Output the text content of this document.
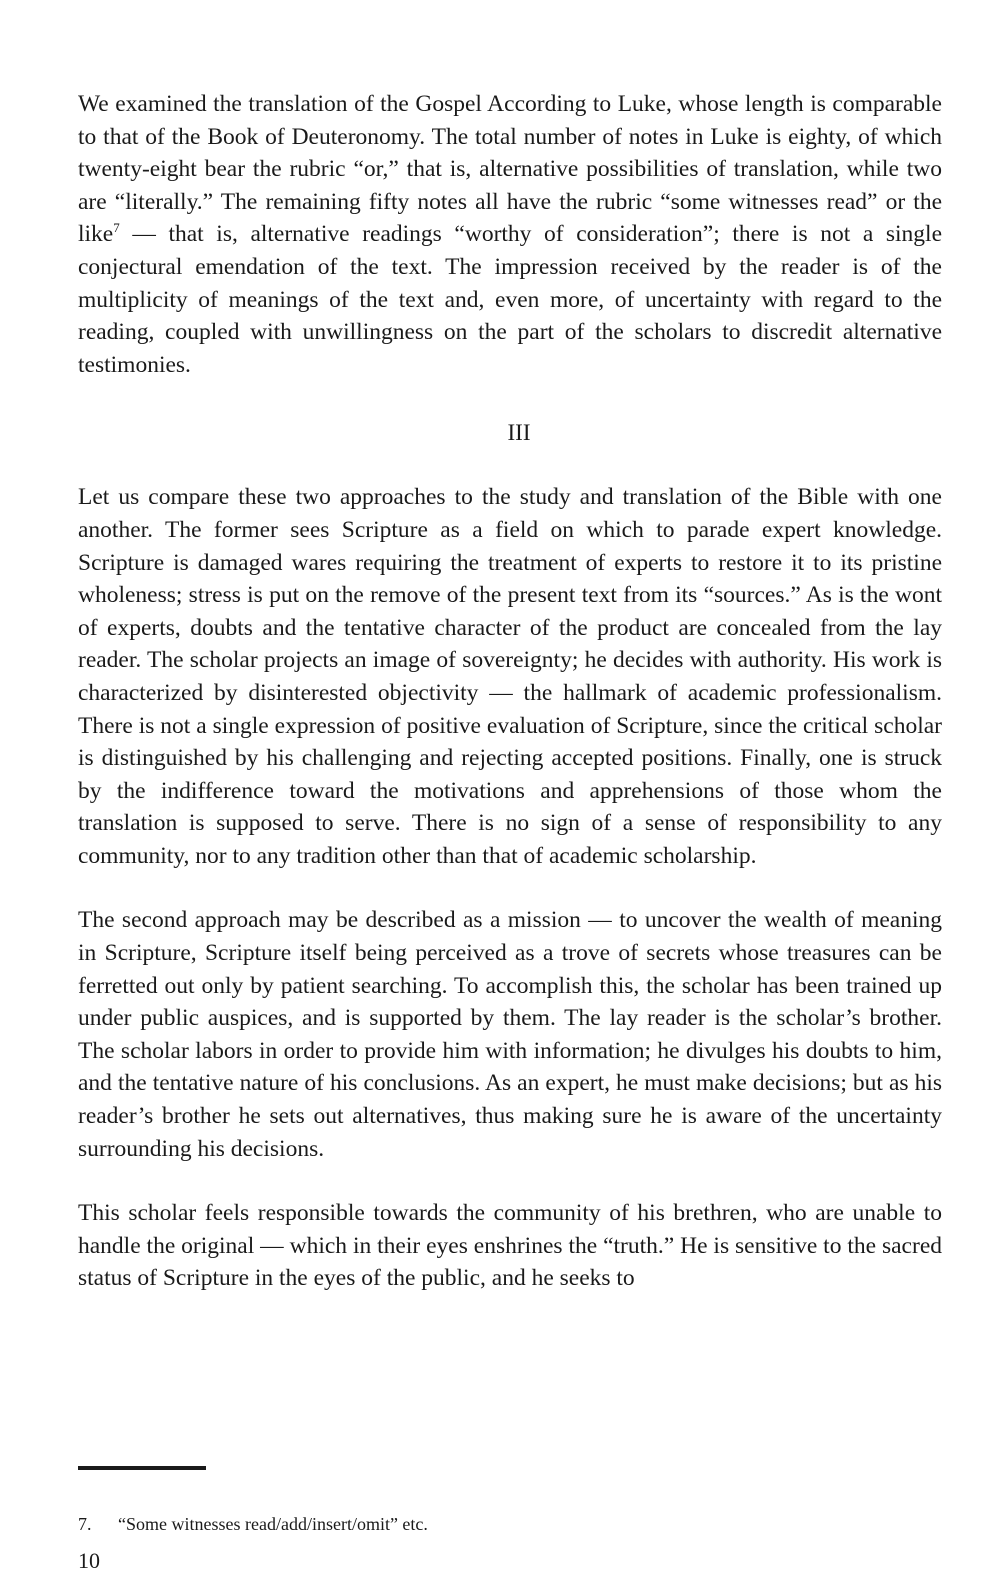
We examined the translation of the Gospel According to Luke, whose length is comparable to that of the Book of Deuteronomy. The total number of notes in Luke is eighty, of which twenty-eight bear the rubric “or,” that is, alternative possibilities of translation, while two are “literally.” The remaining fifty notes all have the rubric “some witnesses read” or the like$^7$ — that is, alternative readings “worthy of consideration”; there is not a single conjectural emendation of the text. The impression received by the reader is of the multiplicity of meanings of the text and, even more, of uncertainty with regard to the reading, coupled with unwillingness on the part of the scholars to discredit alternative testimonies.

III

Let us compare these two approaches to the study and translation of the Bible with one another. The former sees Scripture as a field on which to parade expert knowledge. Scripture is damaged wares requiring the treatment of experts to restore it to its pristine wholeness; stress is put on the remove of the present text from its “sources.” As is the wont of experts, doubts and the tentative character of the product are concealed from the lay reader. The scholar projects an image of sovereignty; he decides with authority. His work is characterized by disinterested objectivity — the hallmark of academic professionalism. There is not a single expression of positive evaluation of Scripture, since the critical scholar is distinguished by his challenging and rejecting accepted positions. Finally, one is struck by the indifference toward the motivations and apprehensions of those whom the translation is supposed to serve. There is no sign of a sense of responsibility to any community, nor to any tradition other than that of academic scholarship.

The second approach may be described as a mission — to uncover the wealth of meaning in Scripture, Scripture itself being perceived as a trove of secrets whose treasures can be ferretted out only by patient searching. To accomplish this, the scholar has been trained up under public auspices, and is supported by them. The lay reader is the scholar’s brother. The scholar labors in order to provide him with information; he divulges his doubts to him, and the tentative nature of his conclusions. As an expert, he must make decisions; but as his reader’s brother he sets out alternatives, thus making sure he is aware of the uncertainty surrounding his decisions.

This scholar feels responsible towards the community of his brethren, who are unable to handle the original — which in their eyes enshrines the “truth.” He is sensitive to the sacred status of Scripture in the eyes of the public, and he seeks to

7. “Some witnesses read/add/insert/omit” etc.
10
